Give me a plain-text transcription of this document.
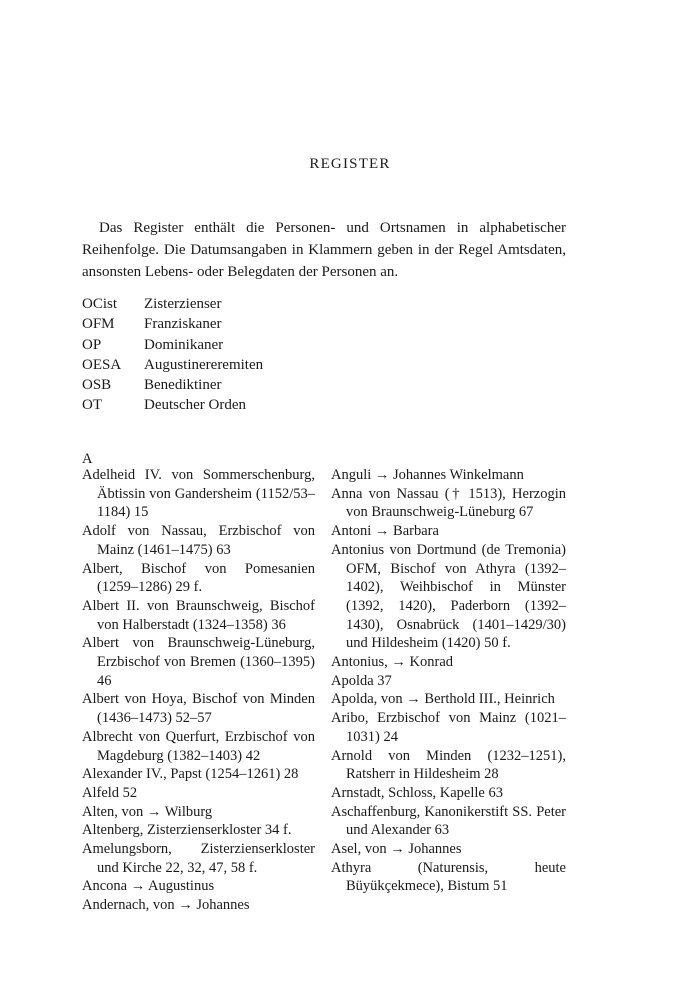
REGISTER
Das Register enthält die Personen- und Ortsnamen in alphabetischer Reihenfolge. Die Datumsangaben in Klammern geben in der Regel Amtsdaten, ansonsten Lebens- oder Belegdaten der Personen an.
OCist Zisterzienser
OFM Franziskaner
OP	Dominikaner
OESA Augustinereremiten
OSB Benediktiner
OT	Deutscher Orden
A
Adelheid IV. von Sommerschenburg, Äbtissin von Gandersheim (1152/53–1184) 15
Adolf von Nassau, Erzbischof von Mainz (1461–1475) 63
Albert, Bischof von Pomesanien (1259–1286) 29 f.
Albert II. von Braunschweig, Bischof von Halberstadt (1324–1358) 36
Albert von Braunschweig-Lüneburg, Erzbischof von Bremen (1360–1395) 46
Albert von Hoya, Bischof von Minden (1436–1473) 52–57
Albrecht von Querfurt, Erzbischof von Magdeburg (1382–1403) 42
Alexander IV., Papst (1254–1261) 28
Alfeld 52
Alten, von → Wilburg
Altenberg, Zisterzienserkloster 34 f.
Amelungsborn, Zisterzienserkloster und Kirche 22, 32, 47, 58 f.
Ancona → Augustinus
Andernach, von → Johannes
Anguli → Johannes Winkelmann
Anna von Nassau († 1513), Herzogin von Braunschweig-Lüneburg 67
Antoni → Barbara
Antonius von Dortmund (de Tremonia) OFM, Bischof von Athyra (1392–1402), Weihbischof in Münster (1392, 1420), Paderborn (1392–1430), Osnabrück (1401–1429/30) und Hildesheim (1420) 50 f.
Antonius, → Konrad
Apolda 37
Apolda, von → Berthold III., Heinrich
Aribo, Erzbischof von Mainz (1021–1031) 24
Arnold von Minden (1232–1251), Ratsherr in Hildesheim 28
Arnstadt, Schloss, Kapelle 63
Aschaffenburg, Kanonikerstift SS. Peter und Alexander 63
Asel, von → Johannes
Athyra (Naturensis, heute Büyükçekmece), Bistum 51
